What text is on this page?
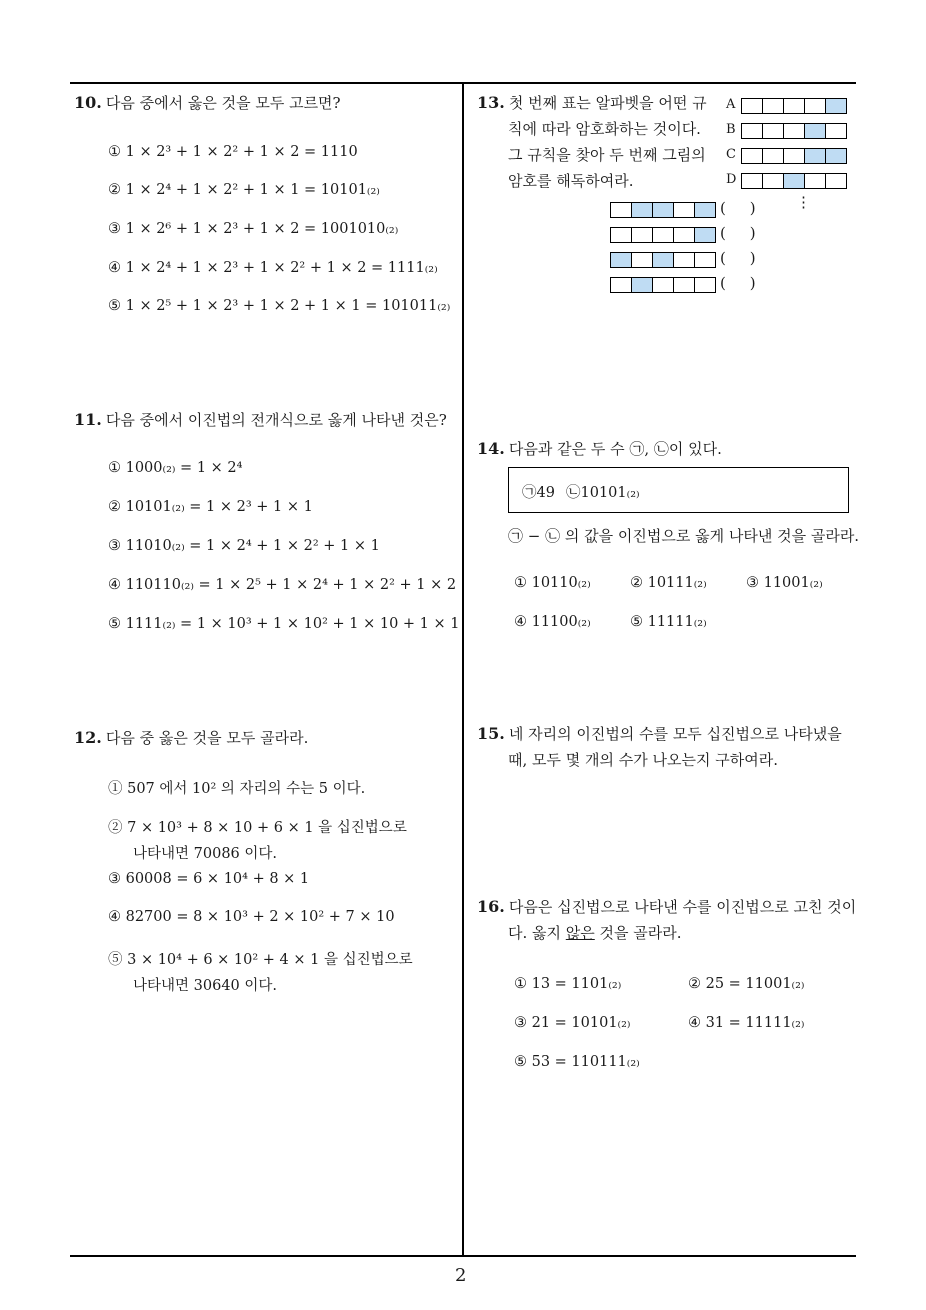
10. 다음 중에서 옳은 것을 모두 고르면?
① 1 × 2³ + 1 × 2² + 1 × 2 = 1110
② 1 × 2⁴ + 1 × 2² + 1 × 1 = 10101₍₂₎
③ 1 × 2⁶ + 1 × 2³ + 1 × 2 = 1001010₍₂₎
④ 1 × 2⁴ + 1 × 2³ + 1 × 2² + 1 × 2 = 1111₍₂₎
⑤ 1 × 2⁵ + 1 × 2³ + 1 × 2 + 1 × 1 = 101011₍₂₎
11. 다음 중에서 이진법의 전개식으로 옳게 나타낸 것은?
① 1000₍₂₎ = 1 × 2⁴
② 10101₍₂₎ = 1 × 2³ + 1 × 1
③ 11010₍₂₎ = 1 × 2⁴ + 1 × 2² + 1 × 1
④ 110110₍₂₎ = 1 × 2⁵ + 1 × 2⁴ + 1 × 2² + 1 × 2
⑤ 1111₍₂₎ = 1 × 10³ + 1 × 10² + 1 × 10 + 1 × 1
12. 다음 중 옳은 것을 모두 골라라.
① 507 에서 10² 의 자리의 수는 5 이다.
② 7 × 10³ + 8 × 10 + 6 × 1 을 십진법으로
나타내면 70086 이다.
③ 60008 = 6 × 10⁴ + 8 × 1
④ 82700 = 8 × 10³ + 2 × 10² + 7 × 10
⑤ 3 × 10⁴ + 6 × 10² + 4 × 1 을 십진법으로
나타내면 30640 이다.
13. 첫 번째 표는 알파벳을 어떤 규
칙에 따라 암호화하는 것이다.
그 규칙을 찾아 두 번째 그림의
암호를 해독하여라.
⋮
14. 다음과 같은 두 수 ㉠, ㉡이 있다.
㉠49 ㉡10101₍₂₎
㉠ − ㉡ 의 값을 이진법으로 옳게 나타낸 것을 골라라.
① 10110₍₂₎	② 10111₍₂₎	③ 11001₍₂₎
④ 11100₍₂₎	⑤ 11111₍₂₎
15. 네 자리의 이진법의 수를 모두 십진법으로 나타냈을
때, 모두 몇 개의 수가 나오는지 구하여라.
16. 다음은 십진법으로 나타낸 수를 이진법으로 고친 것이
다. 옳지 않은 것을 골라라.
① 13 = 1101₍₂₎	② 25 = 11001₍₂₎
③ 21 = 10101₍₂₎	④ 31 = 11111₍₂₎
⑤ 53 = 110111₍₂₎
2
A
B
C
D
(     )
(     )
(     )
(     )
